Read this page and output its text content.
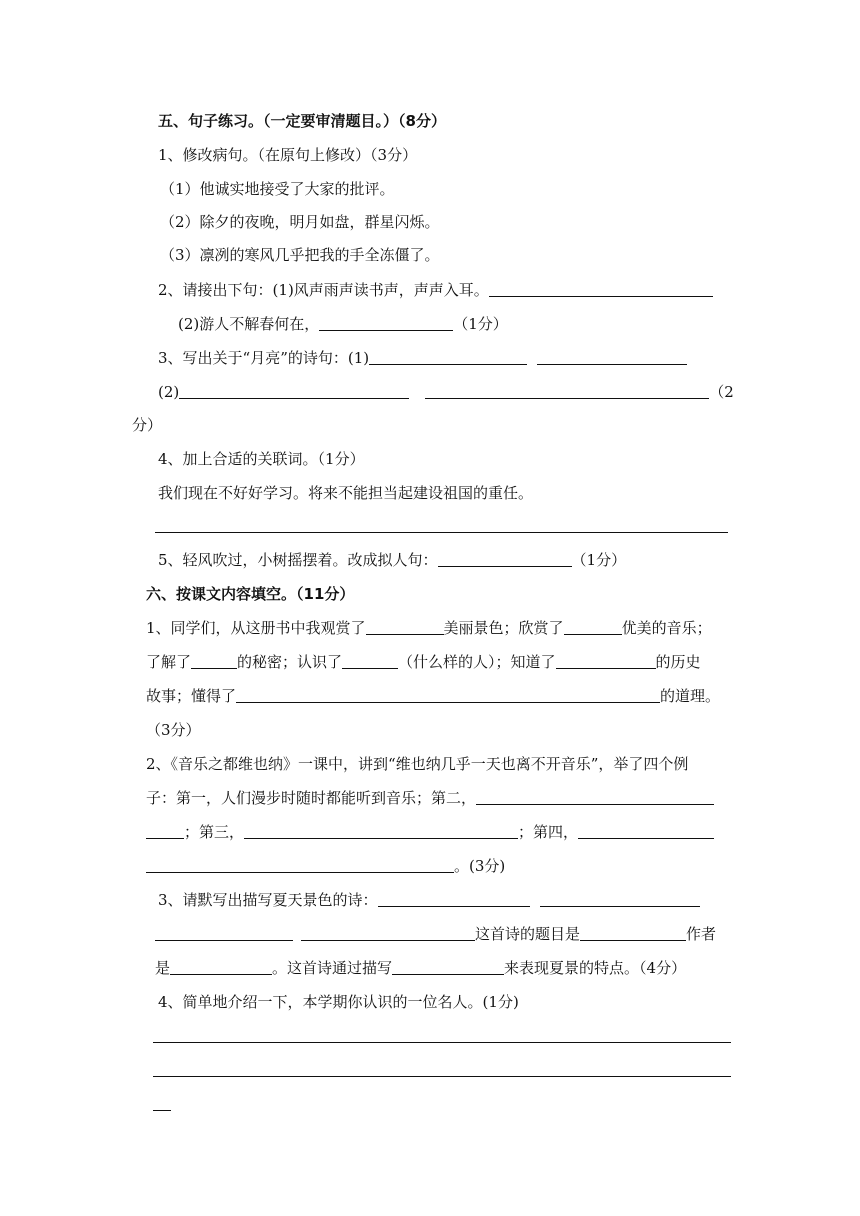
五、句子练习。（一定要审清题目。）（8分）
1、修改病句。（在原句上修改）（3分）
（1）他诚实地接受了大家的批评。
（2）除夕的夜晚，明月如盘，群星闪烁。
（3）凛冽的寒风几乎把我的手全冻僵了。
2、请接出下句：(1)风声雨声读书声，声声入耳。
(2)游人不解春何在，	（1分）
3、写出关于“月亮”的诗句：(1)
(2)	（2
分）
4、加上合适的关联词。（1分）
我们现在不好好学习。将来不能担当起建设祖国的重任。
5、轻风吹过，小树摇摆着。改成拟人句：	（1分）
六、按课文内容填空。（11分）
1、同学们，从这册书中我观赏了	美丽景色；欣赏了	优美的音乐；
了解了	的秘密；认识了	（什么样的人）；知道了	的历史
故事；懂得了	的道理。
（3分）
2、《音乐之都维也纳》一课中，讲到“维也纳几乎一天也离不开音乐”，举了四个例
子：第一，人们漫步时随时都能听到音乐；第二，
；第三，	；第四，
。(3分)
3、请默写出描写夏天景色的诗：
这首诗的题目是	作者
是	。这首诗通过描写	来表现夏景的特点。（4分）
4、简单地介绍一下，本学期你认识的一位名人。(1分)
